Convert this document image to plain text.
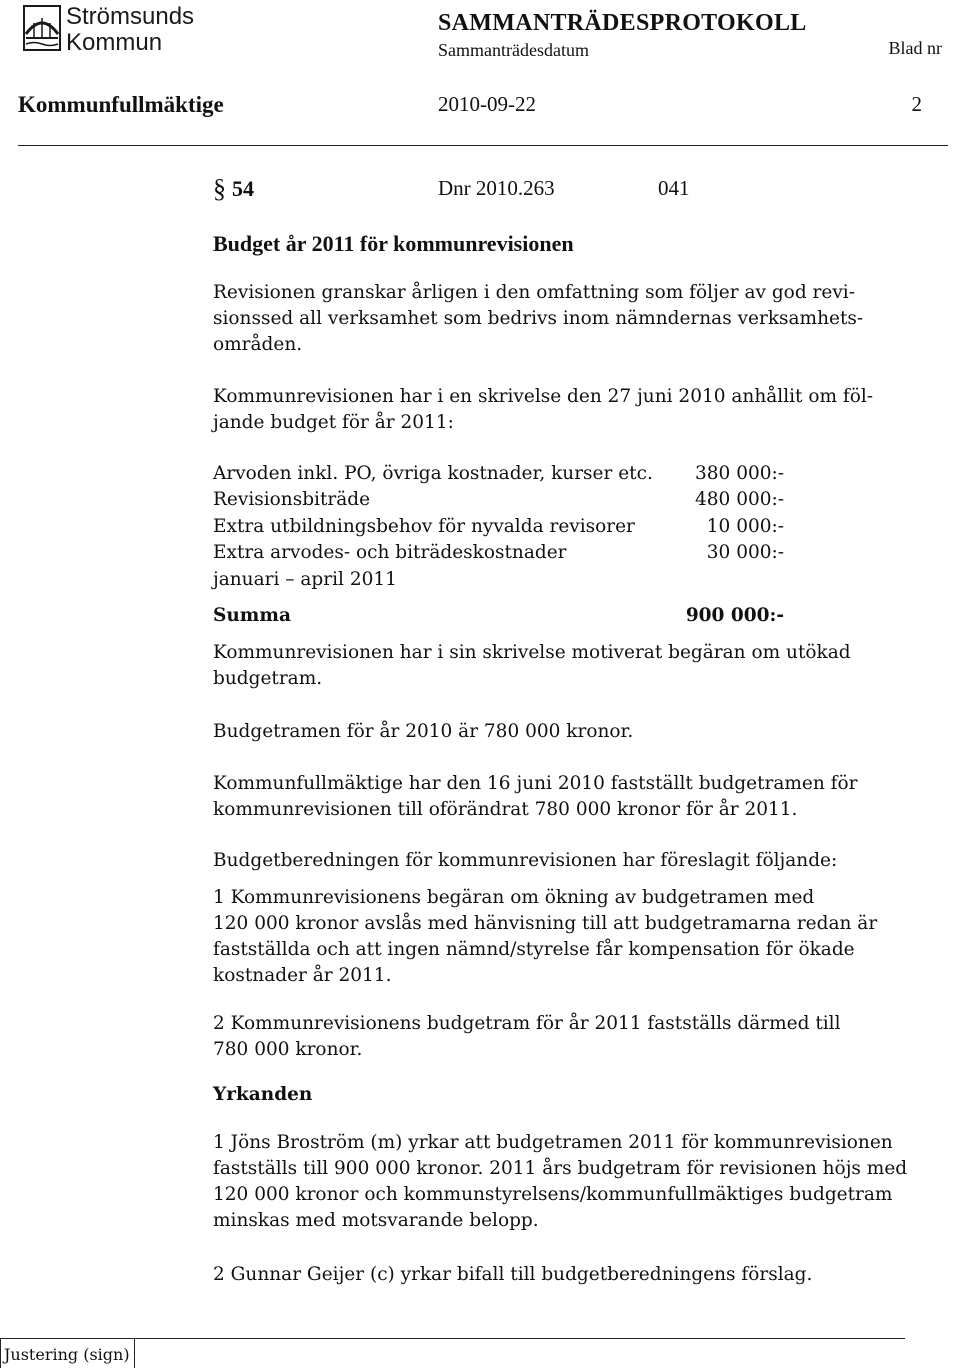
Strömsunds
Kommun
SAMMANTRÄDESPROTOKOLL
Sammanträdesdatum	Blad nr
Kommunfullmäktige	2010-09-22	2
§ 54	Dnr 2010.263	041
Budget år 2011 för kommunrevisionen

Revisionen granskar årligen i den omfattning som följer av god revi-
sionssed all verksamhet som bedrivs inom nämndernas verksamhets-
områden.

Kommunrevisionen har i en skrivelse den 27 juni 2010 anhållit om föl-
jande budget för år 2011:

Arvoden inkl. PO, övriga kostnader, kurser etc. 380 000:-
Revisionsbiträde	480 000:-
Extra utbildningsbehov för nyvalda revisorer	10 000:-
Extra arvodes- och biträdeskostnader	30 000:-
januari – april 2011
Summa	900 000:-

Kommunrevisionen har i sin skrivelse motiverat begäran om utökad
budgetram.

Budgetramen för år 2010 är 780 000 kronor.

Kommunfullmäktige har den 16 juni 2010 fastställt budgetramen för
kommunrevisionen till oförändrat 780 000 kronor för år 2011.

Budgetberedningen för kommunrevisionen har föreslagit följande:

1 Kommunrevisionens begäran om ökning av budgetramen med
120 000 kronor avslås med hänvisning till att budgetramarna redan är
fastställda och att ingen nämnd/styrelse får kompensation för ökade
kostnader år 2011.

2 Kommunrevisionens budgetram för år 2011 fastställs därmed till
780 000 kronor.

Yrkanden

1 Jöns Broström (m) yrkar att budgetramen 2011 för kommunrevisionen
fastställs till 900 000 kronor. 2011 års budgetram för revisionen höjs med
120 000 kronor och kommunstyrelsens/kommunfullmäktiges budgetram
minskas med motsvarande belopp.

2 Gunnar Geijer (c) yrkar bifall till budgetberedningens förslag.

Justering (sign)
